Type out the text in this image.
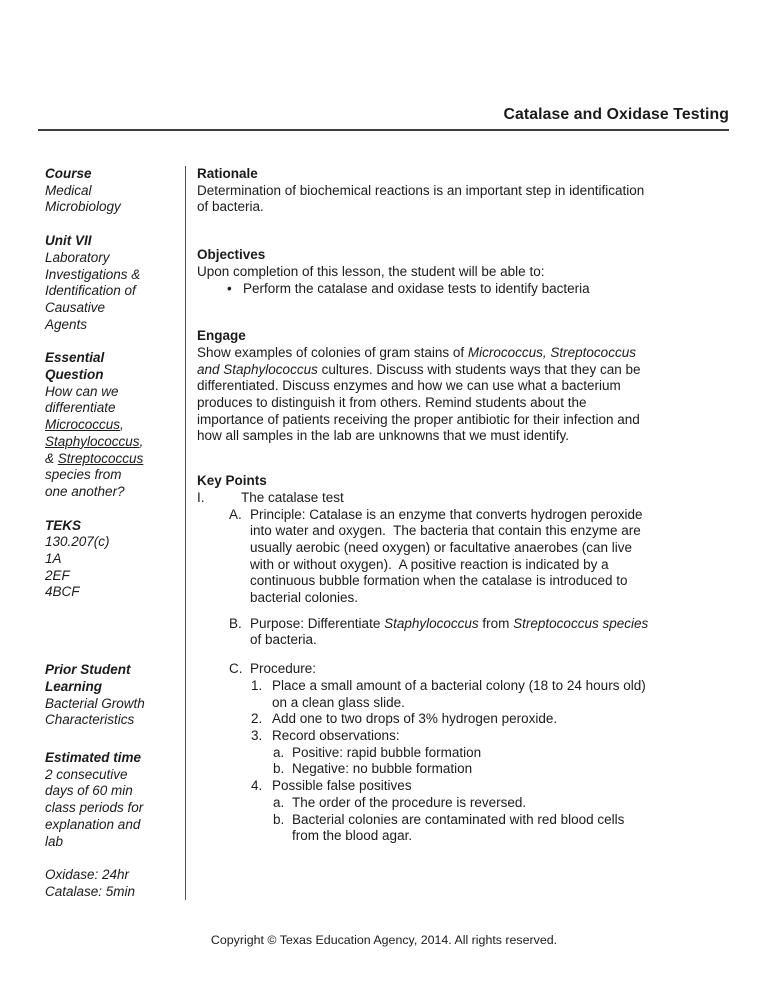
Catalase and Oxidase Testing
Course
Medical
Microbiology
Unit VII
Laboratory
Investigations &
Identification of
Causative
Agents
Essential
Question
How can we
differentiate
Micrococcus,
Staphylococcus,
& Streptococcus
species from
one another?
TEKS
130.207(c)
1A
2EF
4BCF
Prior Student
Learning
Bacterial Growth
Characteristics
Estimated time
2 consecutive
days of 60 min
class periods for
explanation and
lab

Oxidase: 24hr
Catalase: 5min
Rationale
Determination of biochemical reactions is an important step in identification
of bacteria.
Objectives
Upon completion of this lesson, the student will be able to:
• Perform the catalase and oxidase tests to identify bacteria
Engage
Show examples of colonies of gram stains of Micrococcus, Streptococcus
and Staphylococcus cultures. Discuss with students ways that they can be
differentiated. Discuss enzymes and how we can use what a bacterium
produces to distinguish it from others. Remind students about the
importance of patients receiving the proper antibiotic for their infection and
how all samples in the lab are unknowns that we must identify.
Key Points
I.	The catalase test
A. Principle: Catalase is an enzyme that converts hydrogen peroxide
into water and oxygen.  The bacteria that contain this enzyme are
usually aerobic (need oxygen) or facultative anaerobes (can live
with or without oxygen).  A positive reaction is indicated by a
continuous bubble formation when the catalase is introduced to
bacterial colonies.
B. Purpose: Differentiate Staphylococcus from Streptococcus species
of bacteria.
C. Procedure:
1. Place a small amount of a bacterial colony (18 to 24 hours old)
on a clean glass slide.
2. Add one to two drops of 3% hydrogen peroxide.
3. Record observations:
a. Positive: rapid bubble formation
b. Negative: no bubble formation
4. Possible false positives
a. The order of the procedure is reversed.
b. Bacterial colonies are contaminated with red blood cells
from the blood agar.
Copyright © Texas Education Agency, 2014. All rights reserved.
